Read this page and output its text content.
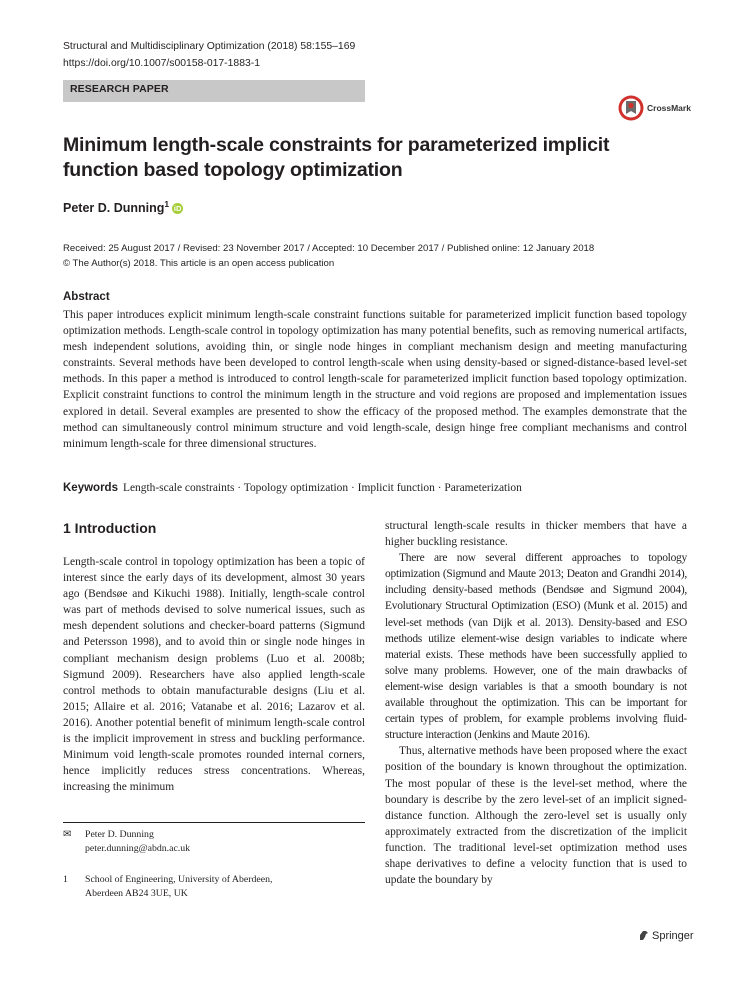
Structural and Multidisciplinary Optimization (2018) 58:155–169
https://doi.org/10.1007/s00158-017-1883-1
RESEARCH PAPER
CrossMark
Minimum length-scale constraints for parameterized implicit function based topology optimization
Peter D. Dunning$^1$ iD
Received: 25 August 2017 / Revised: 23 November 2017 / Accepted: 10 December 2017 / Published online: 12 January 2018
© The Author(s) 2018. This article is an open access publication
Abstract
This paper introduces explicit minimum length-scale constraint functions suitable for parameterized implicit function based topology optimization methods. Length-scale control in topology optimization has many potential benefits, such as removing numerical artifacts, mesh independent solutions, avoiding thin, or single node hinges in compliant mechanism design and meeting manufacturing constraints. Several methods have been developed to control length-scale when using density-based or signed-distance-based level-set methods. In this paper a method is introduced to control length-scale for parameterized implicit function based topology optimization. Explicit constraint functions to control the minimum length in the structure and void regions are proposed and implementation issues explored in detail. Several examples are presented to show the efficacy of the proposed method. The examples demonstrate that the method can simultaneously control minimum structure and void length-scale, design hinge free compliant mechanisms and control minimum length-scale for three dimensional structures.
Keywords Length-scale constraints · Topology optimization · Implicit function · Parameterization
1 Introduction

Length-scale control in topology optimization has been a topic of interest since the early days of its development, almost 30 years ago (Bendsøe and Kikuchi 1988). Initially, length-scale control was part of methods devised to solve numerical issues, such as mesh dependent solutions and checker-board patterns (Sigmund and Petersson 1998), and to avoid thin or single node hinges in compliant mechanism design problems (Luo et al. 2008b; Sigmund 2009). Researchers have also applied length-scale control methods to obtain manufacturable designs (Liu et al. 2015; Allaire et al. 2016; Vatanabe et al. 2016; Lazarov et al. 2016). Another potential benefit of minimum length-scale control is the implicit improvement in stress and buckling performance. Minimum void length-scale promotes rounded internal corners, hence implicitly reduces stress concentrations. Whereas, increasing the minimum

structural length-scale results in thicker members that have a higher buckling resistance.

There are now several different approaches to topology optimization (Sigmund and Maute 2013; Deaton and Grandhi 2014), including density-based methods (Bendsøe and Sigmund 2004), Evolutionary Structural Optimization (ESO) (Munk et al. 2015) and level-set methods (van Dijk et al. 2013). Density-based and ESO methods utilize element-wise design variables to indicate where material exists. These methods have been successfully applied to solve many problems. However, one of the main drawbacks of element-wise design variables is that a smooth boundary is not available throughout the optimization. This can be important for certain types of problem, for example problems involving fluid-structure interaction (Jenkins and Maute 2016).

Thus, alternative methods have been proposed where the exact position of the boundary is known throughout the optimization. The most popular of these is the level-set method, where the boundary is describe by the zero level-set of an implicit signed-distance function. Although the zero-level set is usually only approximately extracted from the discretization of the implicit function. The traditional level-set optimization method uses shape derivatives to define a velocity function that is used to update the boundary by

✉ Peter D. Dunning
peter.dunning@abdn.ac.uk
1 School of Engineering, University of Aberdeen,
Aberdeen AB24 3UE, UK
Springer
